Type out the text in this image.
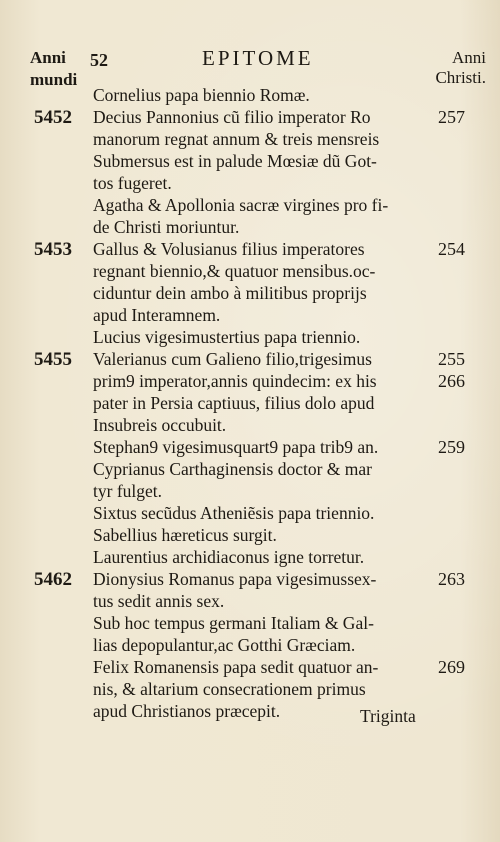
Anni
mundi
52	EPITOME	Anni
Christi.
Cornelius papa biennio Romæ.
5452 Decius Pannonius cũ filio imperator Ro	257
manorum regnat annum & treis mensreis
Submersus est in palude Mœsiæ dũ Got-
tos fugeret.
Agatha & Apollonia sacræ virgines pro fi-
de Christi moriuntur.
5453 Gallus & Volusianus filius imperatores	254
regnant biennio,& quatuor mensibus.oc-
ciduntur dein ambo à militibus proprijs
apud Interamnem.
Lucius vigesimustertius papa triennio.
5455 Valerianus cum Galieno filio,trigesimus	255
prim9 imperator,annis quindecim: ex his	266
pater in Persia captiuus, filius dolo apud
Insubreis occubuit.
Stephan9 vigesimusquart9 papa trib9 an.	259
Cyprianus Carthaginensis doctor & mar
tyr fulget.
Sixtus secũdus Atheniẽsis papa triennio.
Sabellius hæreticus surgit.
Laurentius archidiaconus igne torretur.
5462 Dionysius Romanus papa vigesimussex-	263
tus sedit annis sex.
Sub hoc tempus germani Italiam & Gal-
lias depopulantur,ac Gotthi Græciam.
Felix Romanensis papa sedit quatuor an-	269
nis, & altarium consecrationem primus
apud Christianos præcepit.	Triginta
